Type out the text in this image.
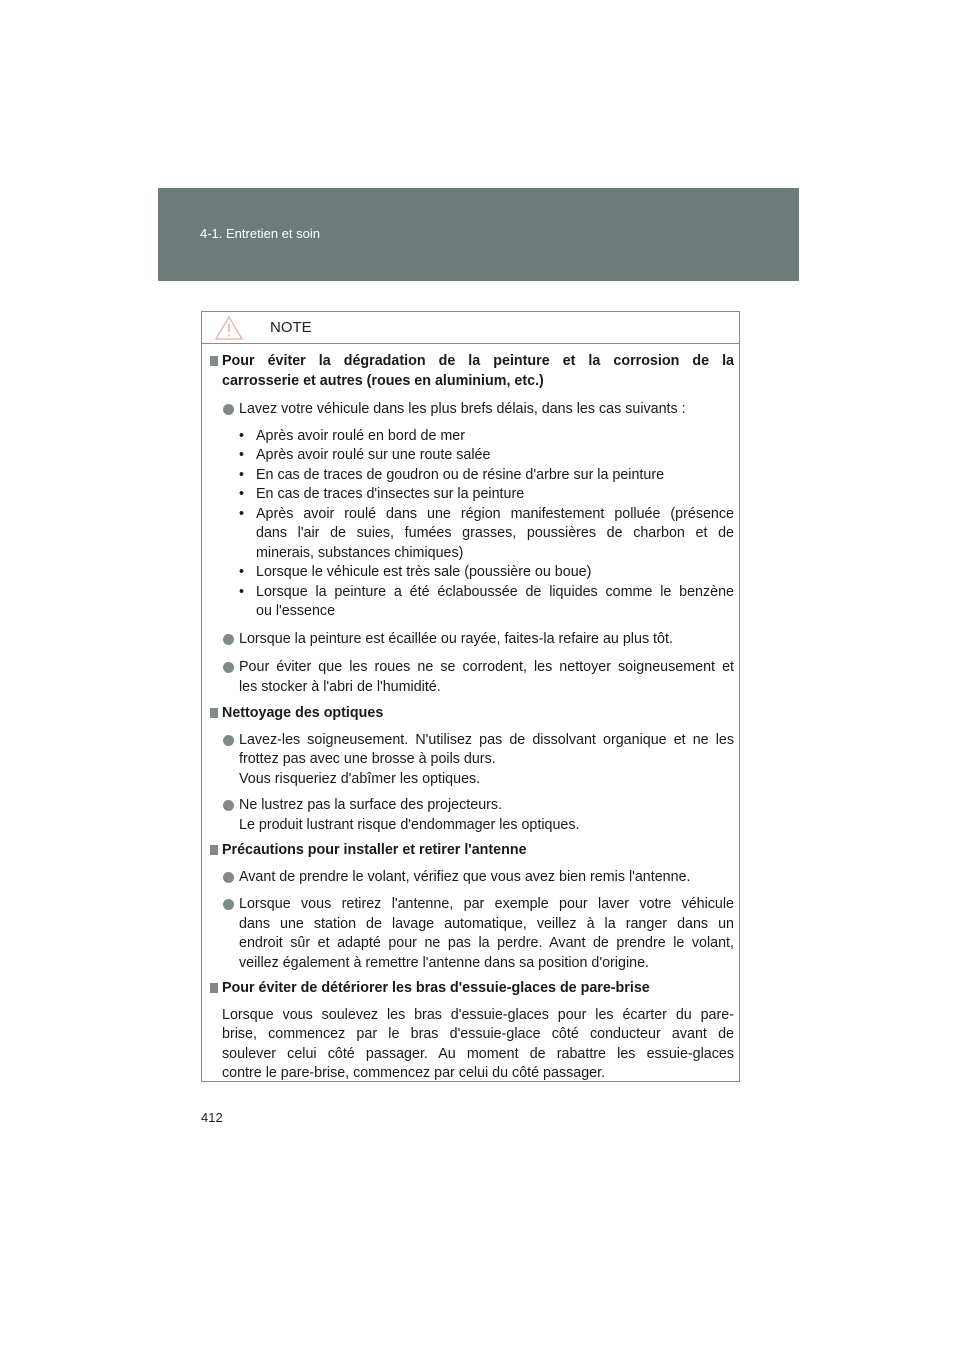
4-1. Entretien et soin
NOTE
Pour éviter la dégradation de la peinture et la corrosion de la
carrosserie et autres (roues en aluminium, etc.)
Lavez votre véhicule dans les plus brefs délais, dans les cas suivants :
• Après avoir roulé en bord de mer
• Après avoir roulé sur une route salée
• En cas de traces de goudron ou de résine d'arbre sur la peinture
• En cas de traces d'insectes sur la peinture
• Après avoir roulé dans une région manifestement polluée (présence
dans l'air de suies, fumées grasses, poussières de charbon et de
minerais, substances chimiques)
• Lorsque le véhicule est très sale (poussière ou boue)
• Lorsque la peinture a été éclaboussée de liquides comme le benzène
ou l'essence
Lorsque la peinture est écaillée ou rayée, faites-la refaire au plus tôt.
Pour éviter que les roues ne se corrodent, les nettoyer soigneusement et
les stocker à l'abri de l'humidité.
Nettoyage des optiques
Lavez-les soigneusement. N'utilisez pas de dissolvant organique et ne les
frottez pas avec une brosse à poils durs.
Vous risqueriez d'abîmer les optiques.
Ne lustrez pas la surface des projecteurs.
Le produit lustrant risque d'endommager les optiques.
Précautions pour installer et retirer l'antenne
Avant de prendre le volant, vérifiez que vous avez bien remis l'antenne.
Lorsque vous retirez l'antenne, par exemple pour laver votre véhicule
dans une station de lavage automatique, veillez à la ranger dans un
endroit sûr et adapté pour ne pas la perdre. Avant de prendre le volant,
veillez également à remettre l'antenne dans sa position d'origine.
Pour éviter de détériorer les bras d'essuie-glaces de pare-brise
Lorsque vous soulevez les bras d'essuie-glaces pour les écarter du pare-
brise, commencez par le bras d'essuie-glace côté conducteur avant de
soulever celui côté passager. Au moment de rabattre les essuie-glaces
contre le pare-brise, commencez par celui du côté passager.
412
